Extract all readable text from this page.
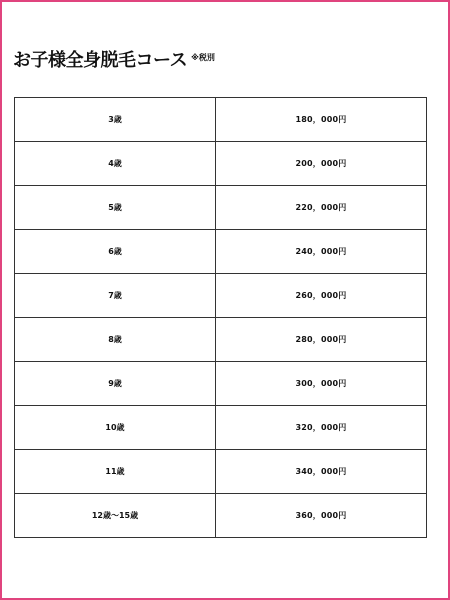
お子様全身脱毛コース ※税別
3歳	180，000円
4歳	200，000円
5歳	220，000円
6歳	240，000円
7歳	260，000円
8歳	280，000円
9歳	300，000円
10歳	320，000円
11歳	340，000円
12歳～15歳	360，000円
